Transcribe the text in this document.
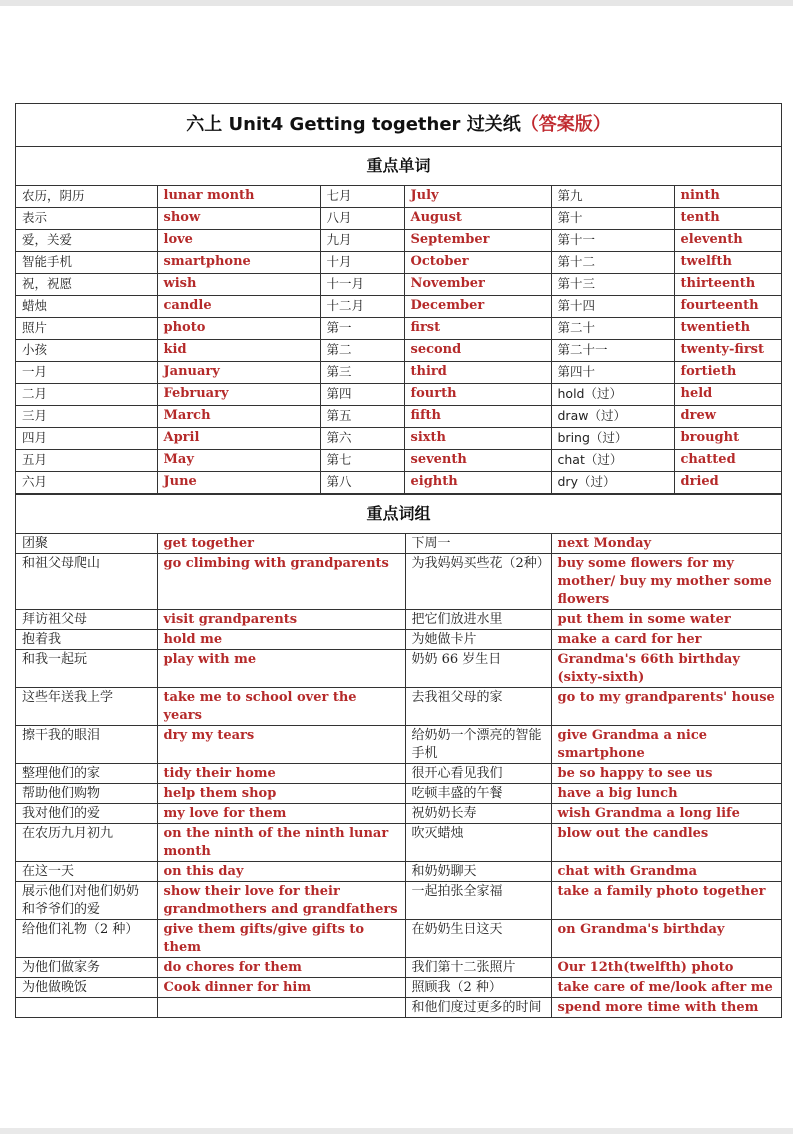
六上 Unit4 Getting together 过关纸（答案版）
重点单词
农历，阴历	lunar month	七月	July	第九	ninth
表示	show	八月	August	第十	tenth
爱，关爱	love	九月	September	第十一	eleventh
智能手机	smartphone	十月	October	第十二	twelfth
祝，祝愿	wish	十一月	November	第十三	thirteenth
蜡烛	candle	十二月	December	第十四	fourteenth
照片	photo	第一	first	第二十	twentieth
小孩	kid	第二	second	第二十一	twenty-first
一月	January	第三	third	第四十	fortieth
二月	February	第四	fourth	hold（过）	held
三月	March	第五	fifth	draw（过）	drew
四月	April	第六	sixth	bring（过）	brought
五月	May	第七	seventh	chat（过）	chatted
六月	June	第八	eighth	dry（过）	dried
重点词组
团聚	get together	下周一	next Monday
和祖父母爬山	go climbing with grandparents	为我妈妈买些花（2种）	buy some flowers for my mother/ buy my mother some flowers
拜访祖父母	visit grandparents	把它们放进水里	put them in some water
抱着我	hold me	为她做卡片	make a card for her
和我一起玩	play with me	奶奶 66 岁生日	Grandma's 66th birthday (sixty-sixth)
这些年送我上学	take me to school over the years	去我祖父母的家	go to my grandparents' house
擦干我的眼泪	dry my tears	给奶奶一个漂亮的智能手机	give Grandma a nice smartphone
整理他们的家	tidy their home	很开心看见我们	be so happy to see us
帮助他们购物	help them shop	吃顿丰盛的午餐	have a big lunch
我对他们的爱	my love for them	祝奶奶长寿	wish Grandma a long life
在农历九月初九	on the ninth of the ninth lunar month	吹灭蜡烛	blow out the candles
在这一天	on this day	和奶奶聊天	chat with Grandma
展示他们对他们奶奶和爷爷们的爱	show their love for their grandmothers and grandfathers	一起拍张全家福	take a family photo together
给他们礼物（2 种）	give them gifts/give gifts to them	在奶奶生日这天	on Grandma's birthday
为他们做家务	do chores for them	我们第十二张照片	Our 12th(twelfth) photo
为他做晚饭	Cook dinner for him	照顾我（2 种）	take care of me/look after me
		和他们度过更多的时间	spend more time with them
